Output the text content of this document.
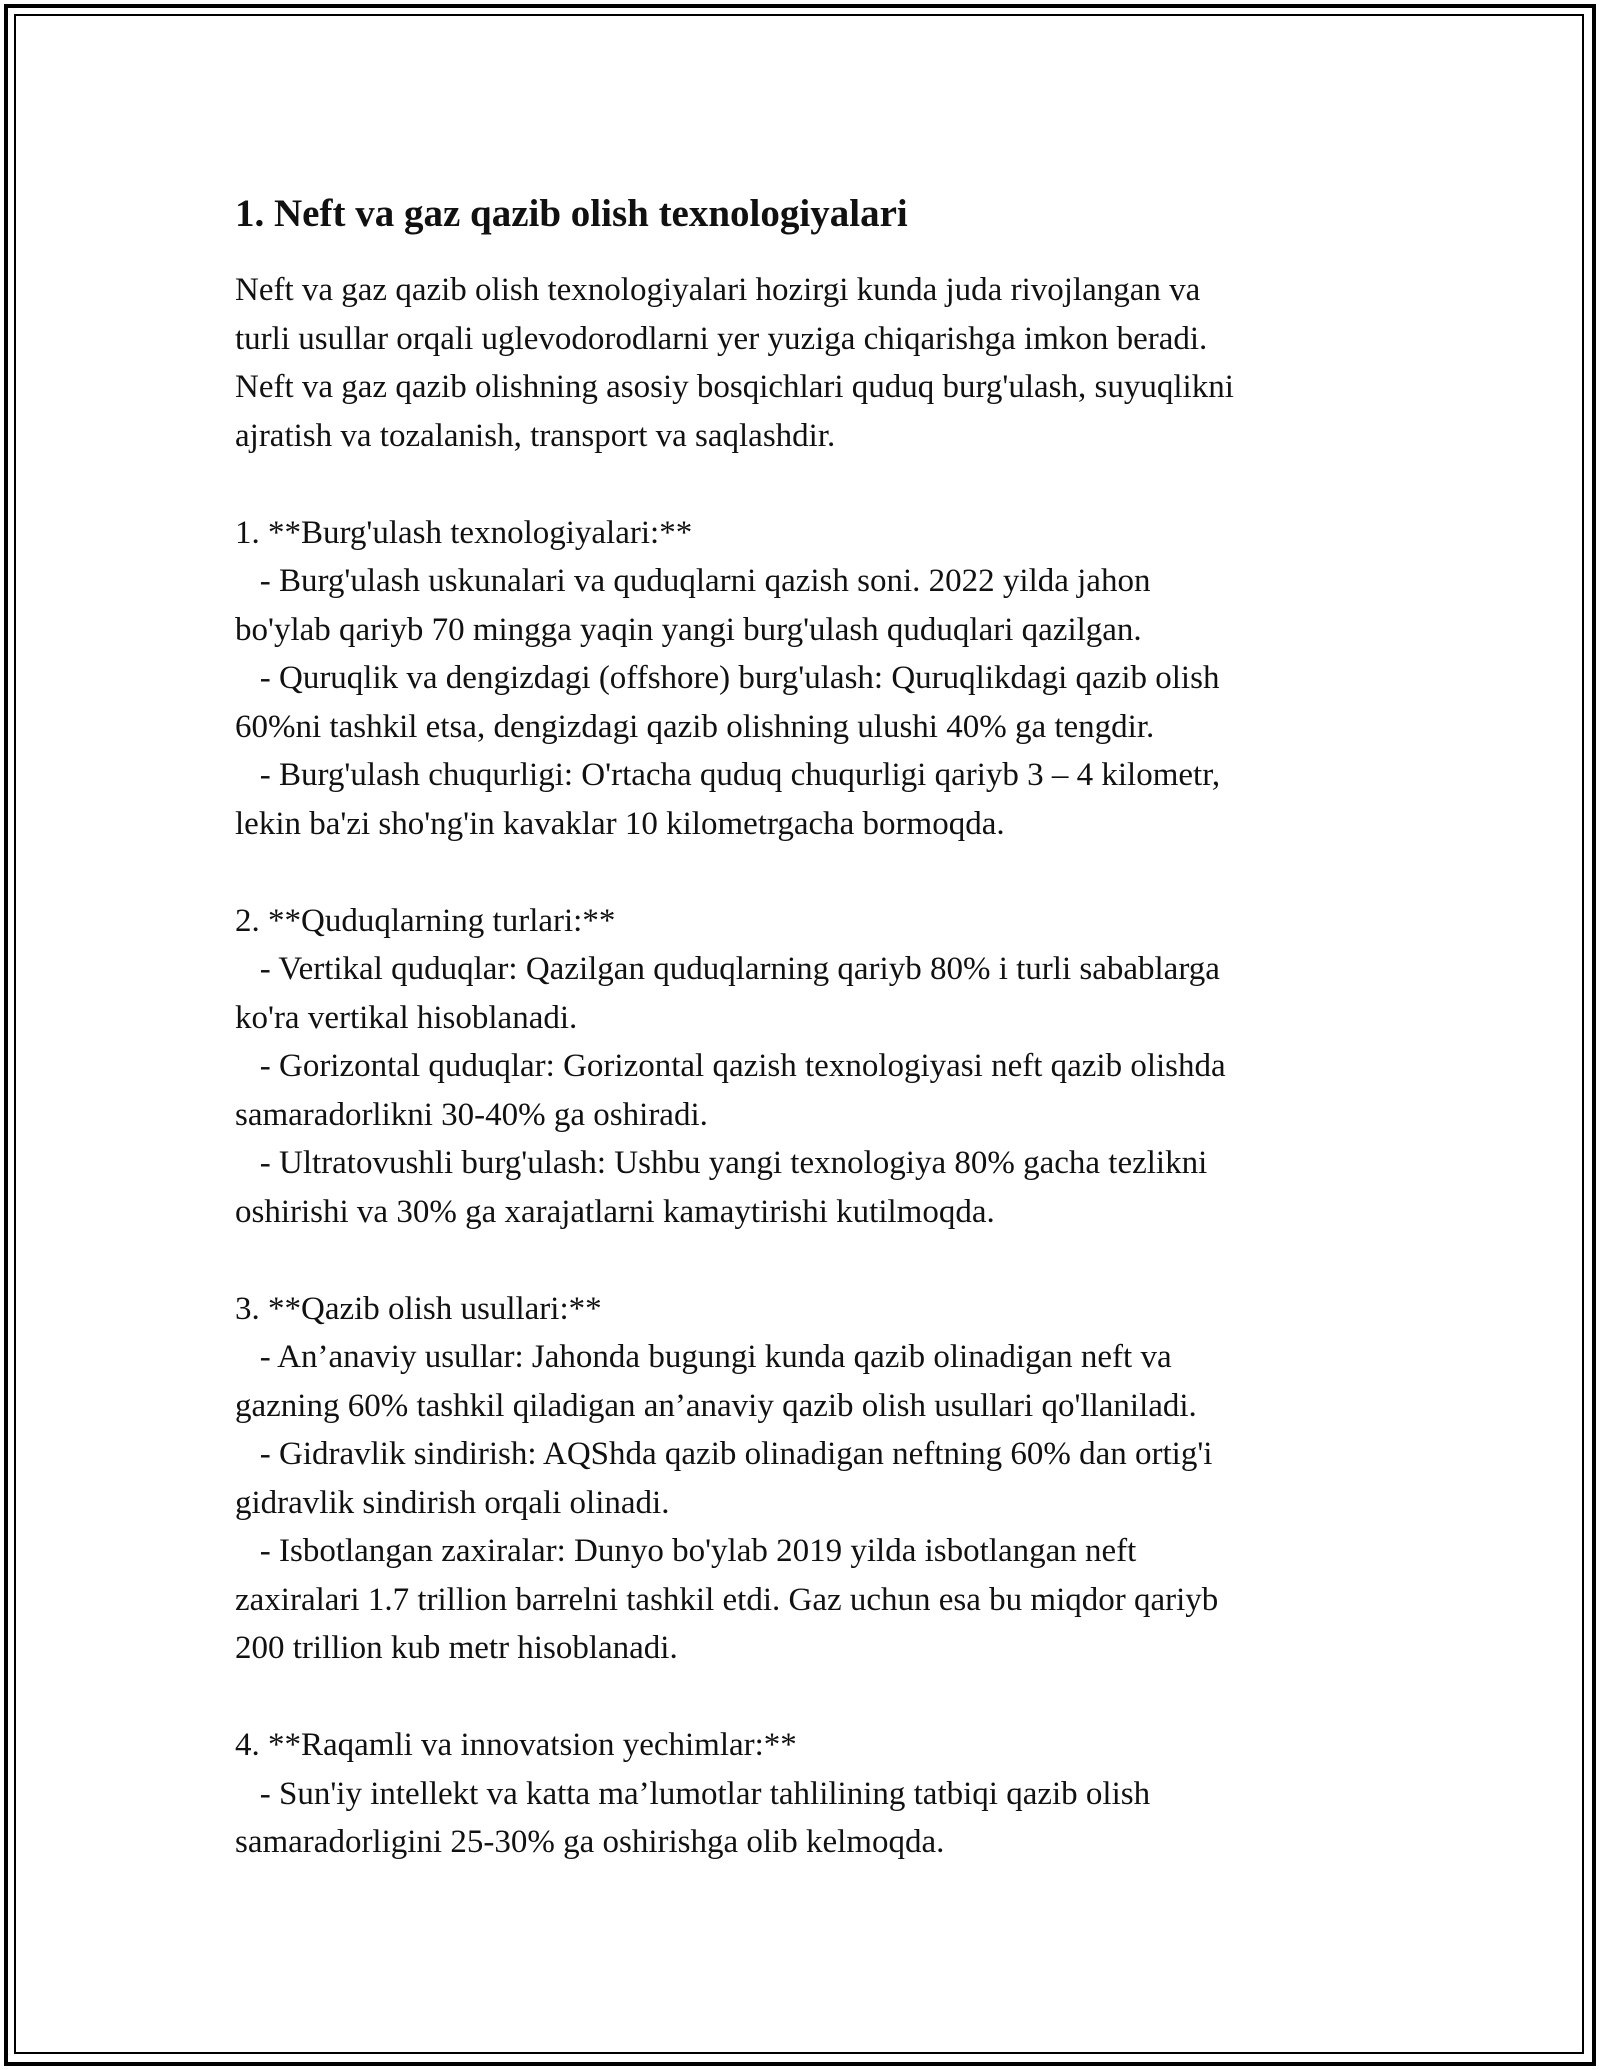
1. Neft va gaz qazib olish texnologiyalari

Neft va gaz qazib olish texnologiyalari hozirgi kunda juda rivojlangan va

turli usullar orqali uglevodorodlarni yer yuziga chiqarishga imkon beradi.

Neft va gaz qazib olishning asosiy bosqichlari quduq burg'ulash, suyuqlikni

ajratish va tozalanish, transport va saqlashdir.

1. **Burg'ulash texnologiyalari:**

- Burg'ulash uskunalari va quduqlarni qazish soni. 2022 yilda jahon

bo'ylab qariyb 70 mingga yaqin yangi burg'ulash quduqlari qazilgan.

- Quruqlik va dengizdagi (offshore) burg'ulash: Quruqlikdagi qazib olish

60%ni tashkil etsa, dengizdagi qazib olishning ulushi 40% ga tengdir.

- Burg'ulash chuqurligi: O'rtacha quduq chuqurligi qariyb 3 – 4 kilometr,

lekin ba'zi sho'ng'in kavaklar 10 kilometrgacha bormoqda.

2. **Quduqlarning turlari:**

- Vertikal quduqlar: Qazilgan quduqlarning qariyb 80% i turli sabablarga

ko'ra vertikal hisoblanadi.

- Gorizontal quduqlar: Gorizontal qazish texnologiyasi neft qazib olishda

samaradorlikni 30-40% ga oshiradi.

- Ultratovushli burg'ulash: Ushbu yangi texnologiya 80% gacha tezlikni

oshirishi va 30% ga xarajatlarni kamaytirishi kutilmoqda.

3. **Qazib olish usullari:**

- An’anaviy usullar: Jahonda bugungi kunda qazib olinadigan neft va

gazning 60% tashkil qiladigan an’anaviy qazib olish usullari qo'llaniladi.

- Gidravlik sindirish: AQShda qazib olinadigan neftning 60% dan ortig'i

gidravlik sindirish orqali olinadi.

- Isbotlangan zaxiralar: Dunyo bo'ylab 2019 yilda isbotlangan neft

zaxiralari 1.7 trillion barrelni tashkil etdi. Gaz uchun esa bu miqdor qariyb

200 trillion kub metr hisoblanadi.

4. **Raqamli va innovatsion yechimlar:**

- Sun'iy intellekt va katta ma’lumotlar tahlilining tatbiqi qazib olish

samaradorligini 25-30% ga oshirishga olib kelmoqda.
